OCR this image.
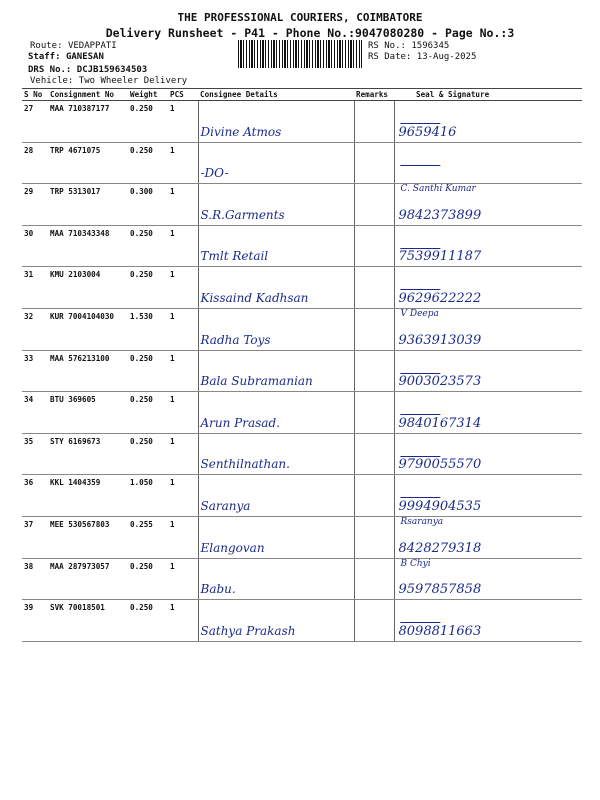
THE PROFESSIONAL COURIERS, COIMBATORE
Delivery Runsheet - P41 - Phone No.:9047080280 - Page No.:3
Route: VEDAPPATI
Staff: GANESAN
DRS No.: DCJB159634503
Vehicle: Two Wheeler Delivery
RS No.: 1596345
RS Date: 13-Aug-2025
S No	Consignment No	Weight	PCS	Consignee Details	Remarks	Seal & Signature
27	MAA 710387177	0.250	1	Divine Atmos		9659416

28	TRP 4671075	0.250	1	-DO-		

29	TRP 5313017	0.300	1	S.R.Garments		C. Santhi Kumar
9842373899

30	MAA 710343348	0.250	1	Tmlt Retail		7539911187

31	KMU 2103004	0.250	1	Kissaind Kadhsan		9629622222

32	KUR 7004104030	1.530	1	Radha Toys		V Deepa
9363913039

33	MAA 576213100	0.250	1	Bala Subramanian		9003023573

34	BTU 369605	0.250	1	Arun Prasad.		9840167314

35	STY 6169673	0.250	1	Senthilnathan.		9790055570

36	KKL 1404359	1.050	1	Saranya		9994904535

37	MEE 530567803	0.255	1	Elangovan		Rsaranya
8428279318

38	MAA 287973057	0.250	1	Babu.		B Chyi
9597857858

39	SVK 70018501	0.250	1	Sathya Prakash		8098811663
